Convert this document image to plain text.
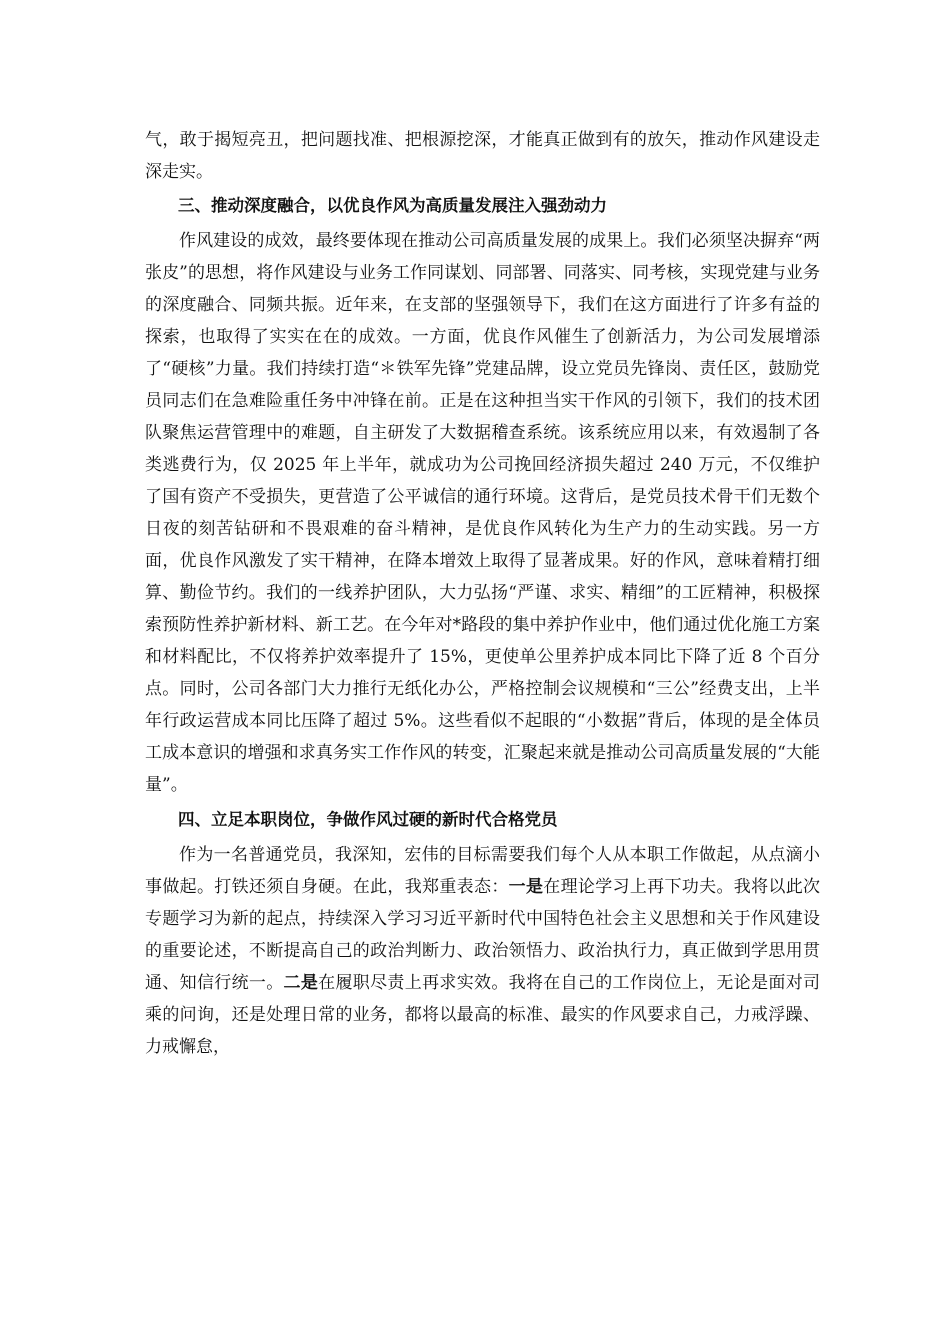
气，敢于揭短亮丑，把问题找准、把根源挖深，才能真正做到有的放矢，推动作风建设走深走实。

三、推动深度融合，以优良作风为高质量发展注入强劲动力

作风建设的成效，最终要体现在推动公司高质量发展的成果上。我们必须坚决摒弃“两张皮”的思想，将作风建设与业务工作同谋划、同部署、同落实、同考核，实现党建与业务的深度融合、同频共振。近年来，在支部的坚强领导下，我们在这方面进行了许多有益的探索，也取得了实实在在的成效。一方面，优良作风催生了创新活力，为公司发展增添了“硬核”力量。我们持续打造“＊铁军先锋”党建品牌，设立党员先锋岗、责任区，鼓励党员同志们在急难险重任务中冲锋在前。正是在这种担当实干作风的引领下，我们的技术团队聚焦运营管理中的难题，自主研发了大数据稽查系统。该系统应用以来，有效遏制了各类逃费行为，仅 2025 年上半年，就成功为公司挽回经济损失超过 240 万元，不仅维护了国有资产不受损失，更营造了公平诚信的通行环境。这背后，是党员技术骨干们无数个日夜的刻苦钻研和不畏艰难的奋斗精神，是优良作风转化为生产力的生动实践。另一方面，优良作风激发了实干精神，在降本增效上取得了显著成果。好的作风，意味着精打细算、勤俭节约。我们的一线养护团队，大力弘扬“严谨、求实、精细”的工匠精神，积极探索预防性养护新材料、新工艺。在今年对*路段的集中养护作业中，他们通过优化施工方案和材料配比，不仅将养护效率提升了 15%，更使单公里养护成本同比下降了近 8 个百分点。同时，公司各部门大力推行无纸化办公，严格控制会议规模和“三公”经费支出，上半年行政运营成本同比压降了超过 5%。这些看似不起眼的“小数据”背后，体现的是全体员工成本意识的增强和求真务实工作作风的转变，汇聚起来就是推动公司高质量发展的“大能量”。

四、立足本职岗位，争做作风过硬的新时代合格党员

作为一名普通党员，我深知，宏伟的目标需要我们每个人从本职工作做起，从点滴小事做起。打铁还须自身硬。在此，我郑重表态：一是在理论学习上再下功夫。我将以此次专题学习为新的起点，持续深入学习习近平新时代中国特色社会主义思想和关于作风建设的重要论述，不断提高自己的政治判断力、政治领悟力、政治执行力，真正做到学思用贯通、知信行统一。二是在履职尽责上再求实效。我将在自己的工作岗位上，无论是面对司乘的问询，还是处理日常的业务，都将以最高的标准、最实的作风要求自己，力戒浮躁、力戒懈怠，
